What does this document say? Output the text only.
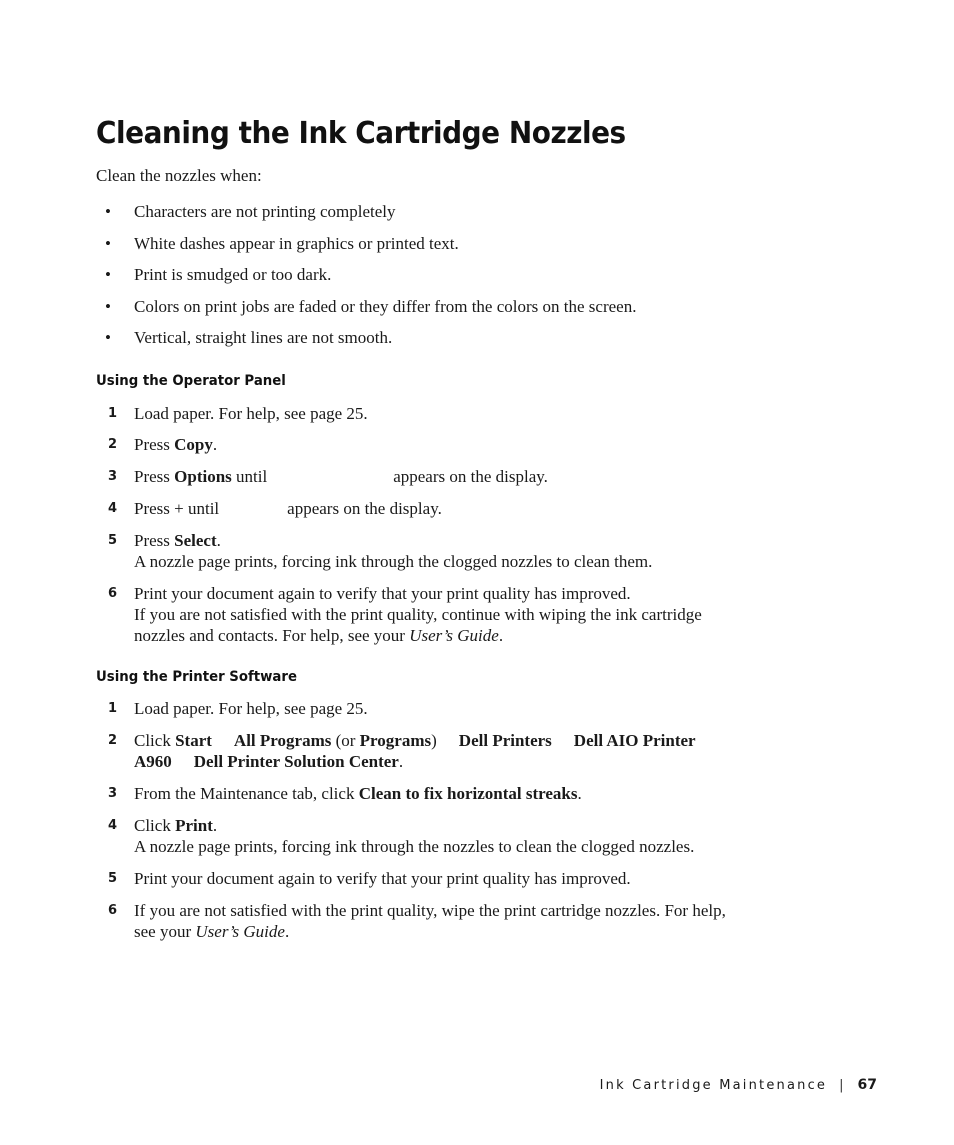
Cleaning the Ink Cartridge Nozzles

Clean the nozzles when:

• Characters are not printing completely
• White dashes appear in graphics or printed text.
• Print is smudged or too dark.
• Colors on print jobs are faded or they differ from the colors on the screen.
• Vertical, straight lines are not smooth.
Using the Operator Panel
1 Load paper. For help, see page 25.
2 Press Copy.
3 Press Options until	appears on the display.
4 Press + until	appears on the display.
5 Press Select.
A nozzle page prints, forcing ink through the clogged nozzles to clean them.
6 Print your document again to verify that your print quality has improved.
If you are not satisfied with the print quality, continue with wiping the ink cartridge
nozzles and contacts. For help, see your User’s Guide.
Using the Printer Software
1 Load paper. For help, see page 25.
2 Click Start All Programs (or Programs) Dell Printers Dell AIO Printer
A960 Dell Printer Solution Center.
3 From the Maintenance tab, click Clean to fix horizontal streaks.
4 Click Print.
A nozzle page prints, forcing ink through the nozzles to clean the clogged nozzles.
5 Print your document again to verify that your print quality has improved.
6 If you are not satisfied with the print quality, wipe the print cartridge nozzles. For help,
see your User’s Guide.
Ink Cartridge Maintenance | 67
